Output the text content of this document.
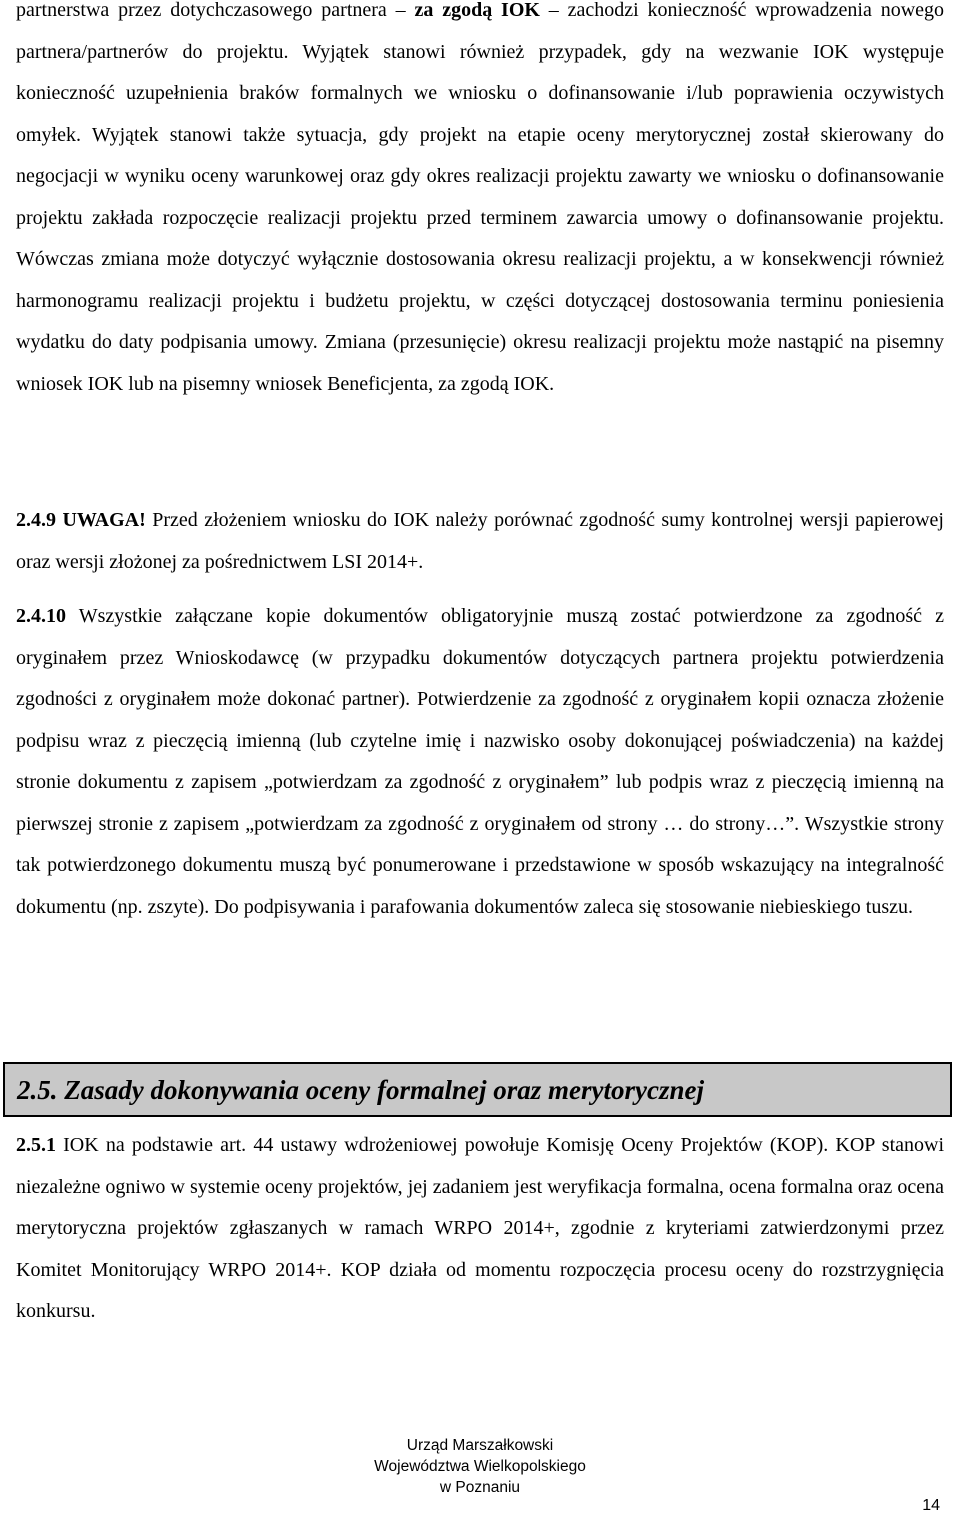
partnerstwa przez dotychczasowego partnera – za zgodą IOK – zachodzi konieczność wprowadzenia nowego partnera/partnerów do projektu. Wyjątek stanowi również przypadek, gdy na wezwanie IOK występuje konieczność uzupełnienia braków formalnych we wniosku o dofinansowanie i/lub poprawienia oczywistych omyłek. Wyjątek stanowi także sytuacja, gdy projekt na etapie oceny merytorycznej został skierowany do negocjacji w wyniku oceny warunkowej oraz gdy okres realizacji projektu zawarty we wniosku o dofinansowanie projektu zakłada rozpoczęcie realizacji projektu przed terminem zawarcia umowy o dofinansowanie projektu. Wówczas zmiana może dotyczyć wyłącznie dostosowania okresu realizacji projektu, a w konsekwencji również harmonogramu realizacji projektu i budżetu projektu, w części dotyczącej dostosowania terminu poniesienia wydatku do daty podpisania umowy. Zmiana (przesunięcie) okresu realizacji projektu może nastąpić na pisemny wniosek IOK lub na pisemny wniosek Beneficjenta, za zgodą IOK.

2.4.9 UWAGA! Przed złożeniem wniosku do IOK należy porównać zgodność sumy kontrolnej wersji papierowej oraz wersji złożonej za pośrednictwem LSI 2014+.

2.4.10 Wszystkie załączane kopie dokumentów obligatoryjnie muszą zostać potwierdzone za zgodność z oryginałem przez Wnioskodawcę (w przypadku dokumentów dotyczących partnera projektu potwierdzenia zgodności z oryginałem może dokonać partner). Potwierdzenie za zgodność z oryginałem kopii oznacza złożenie podpisu wraz z pieczęcią imienną (lub czytelne imię i nazwisko osoby dokonującej poświadczenia) na każdej stronie dokumentu z zapisem „potwierdzam za zgodność z oryginałem” lub podpis wraz z pieczęcią imienną na pierwszej stronie z zapisem „potwierdzam za zgodność z oryginałem od strony … do strony…”. Wszystkie strony tak potwierdzonego dokumentu muszą być ponumerowane i przedstawione w sposób wskazujący na integralność dokumentu (np. zszyte). Do podpisywania i parafowania dokumentów zaleca się stosowanie niebieskiego tuszu.

2.5. Zasady dokonywania oceny formalnej oraz merytorycznej

2.5.1 IOK na podstawie art. 44 ustawy wdrożeniowej powołuje Komisję Oceny Projektów (KOP). KOP stanowi niezależne ogniwo w systemie oceny projektów, jej zadaniem jest weryfikacja formalna, ocena formalna oraz ocena merytoryczna projektów zgłaszanych w ramach WRPO 2014+, zgodnie z kryteriami zatwierdzonymi przez Komitet Monitorujący WRPO 2014+. KOP działa od momentu rozpoczęcia procesu oceny do rozstrzygnięcia konkursu.

Urząd Marszałkowski
Województwa Wielkopolskiego
w Poznaniu
14
